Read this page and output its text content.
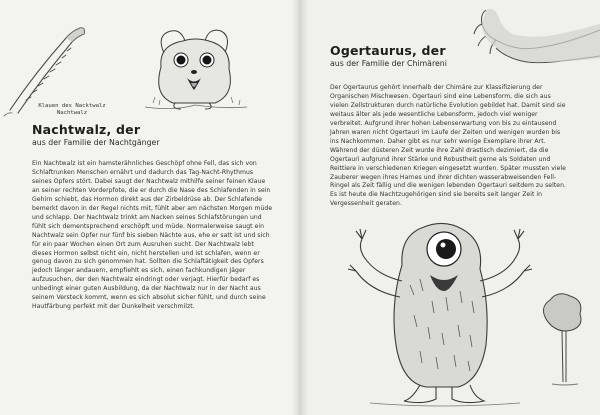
Klauen des Nacktwalz
Nachtwalz
Nachtwalz, der
aus der Familie der Nachtgänger
Ein Nachtwalz ist ein hamsterähnliches Geschöpf ohne Fell, das sich von Schlaftrunken Menschen ernährt und dadurch das Tag-Nacht-Rhythmus seines Opfers stört. Dabei saugt der Nachtwalz mithilfe seiner feinen Klaue an seiner rechten Vorderpfote, die er durch die Nase des Schlafenden in sein Gehirn schiebt, das Hormon direkt aus der Zirbeldrüse ab. Der Schlafende bemerkt davon in der Regel nichts mit, fühlt aber am nächsten Morgen müde und schlapp. Der Nachtwalz trinkt am Nacken seines Schlafstörungen und fühlt sich dementsprechend erschöpft und müde. Normalerweise saugt ein Nachtwalz sein Opfer nur fünf bis sieben Nächte aus, ehe er satt ist und sich für ein paar Wochen einen Ort zum Ausruhen sucht. Der Nachtwalz lebt dieses Hormon selbst nicht ein, nicht herstellen und ist schlafen, wenn er genug davon zu sich genommen hat. Sollten die Schlaftätigkeit des Opfers jedoch länger andauern, empfiehlt es sich, einen fachkundigen Jäger aufzusuchen, der den Nachtwalz eindringt oder verjagt. Hierfür bedarf es unbedingt einer guten Ausbildung, da der Nachtwalz nur in der Nacht aus seinem Versteck kommt, wenn es sich absolut sicher fühlt, und durch seine Hautfärbung perfekt mit der Dunkelheit verschmilzt.
Ogertaurus, der
aus der Familie der Chimäreni
Der Ogertaurus gehört innerhalb der Chimäre zur Klassifizierung der Organischen Mischwesen. Ogertauri sind eine Lebensform, die sich aus vielen Zellstrukturen durch natürliche Evolution gebildet hat. Damit sind sie weitaus älter als jede wesentliche Lebensform, jedoch viel weniger verbreitet. Aufgrund ihrer hohen Lebenserwartung von bis zu eintausend Jahren waren nicht Ogertauri im Laufe der Zeiten und wenigen wurden bis ins Nachkommen. Daher gibt es nur sehr wenige Exemplare ihrer Art. Während der düsteren Zeit wurde ihre Zahl drastisch dezimiert, da die Ogertauri aufgrund ihrer Stärke und Robustheit gerne als Soldaten und Reittiere in verschiedenen Kriegen eingesetzt wurden. Später mussten viele Zauberer wegen ihres Harnes und ihrer dichten wasserabweisenden Fell-Ringel als Zeit fällig und die wenigen lebenden Ogertauri seitdem zu selten. Es ist heute die Nachtzugehörigen sind sie bereits seit langer Zeit in Vergessenheit geraten.
